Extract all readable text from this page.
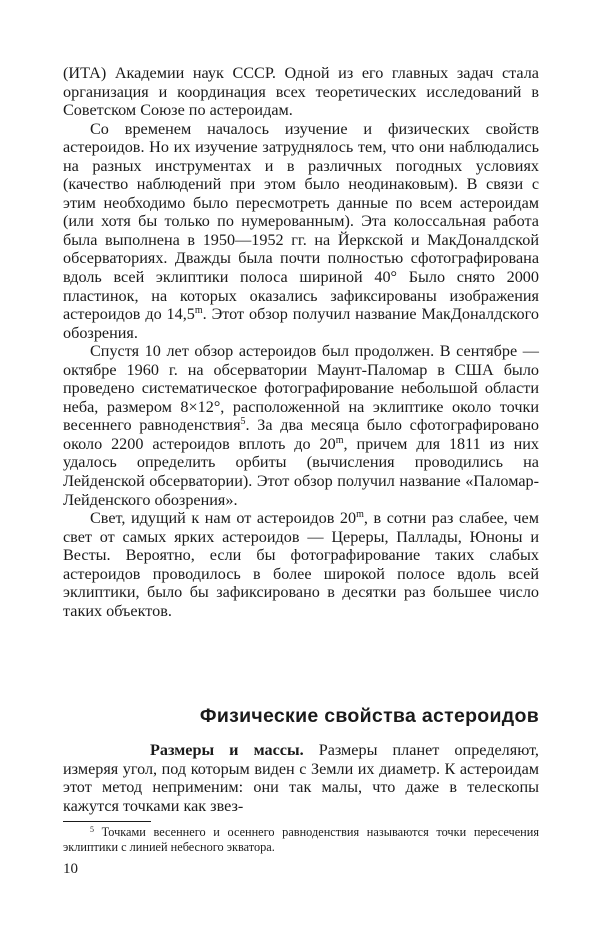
(ИТА) Академии наук СССР. Одной из его главных задач стала организация и координация всех теоретических исследований в Советском Союзе по астероидам.

Со временем началось изучение и физических свойств астероидов. Но их изучение затруднялось тем, что они наблюдались на разных инструментах и в различных погодных условиях (качество наблюдений при этом было неодинаковым). В связи с этим необходимо было пересмотреть данные по всем астероидам (или хотя бы только по нумерованным). Эта колоссальная работа была выполнена в 1950—1952 гг. на Йеркской и МакДоналдской обсерваториях. Дважды была почти полностью сфотографирована вдоль всей эклиптики полоса шириной 40° Было снято 2000 пластинок, на которых оказались зафиксированы изображения астероидов до 14,5$^m$. Этот обзор получил название МакДоналдского обозрения.

Спустя 10 лет обзор астероидов был продолжен. В сентябре — октябре 1960 г. на обсерватории Маунт-Паломар в США было проведено систематическое фотографирование небольшой области неба, размером 8×12°, расположенной на эклиптике около точки весеннего равноденствия$^5$. За два месяца было сфотографировано около 2200 астероидов вплоть до 20$^m$, причем для 1811 из них удалось определить орбиты (вычисления проводились на Лейденской обсерватории). Этот обзор получил название «Паломар-Лейденского обозрения».

Свет, идущий к нам от астероидов 20$^m$, в сотни раз слабее, чем свет от самых ярких астероидов — Цереры, Паллады, Юноны и Весты. Вероятно, если бы фотографирование таких слабых астероидов проводилось в более широкой полосе вдоль всей эклиптики, было бы зафиксировано в десятки раз большее число таких объектов.

Физические свойства астероидов

Размеры и массы. Размеры планет определяют, измеряя угол, под которым виден с Земли их диаметр. К астероидам этот метод неприменим: они так малы, что даже в телескопы кажутся точками как звез-

$^5$ Точками весеннего и осеннего равноденствия называются точки пересечения эклиптики с линией небесного экватора.

10
